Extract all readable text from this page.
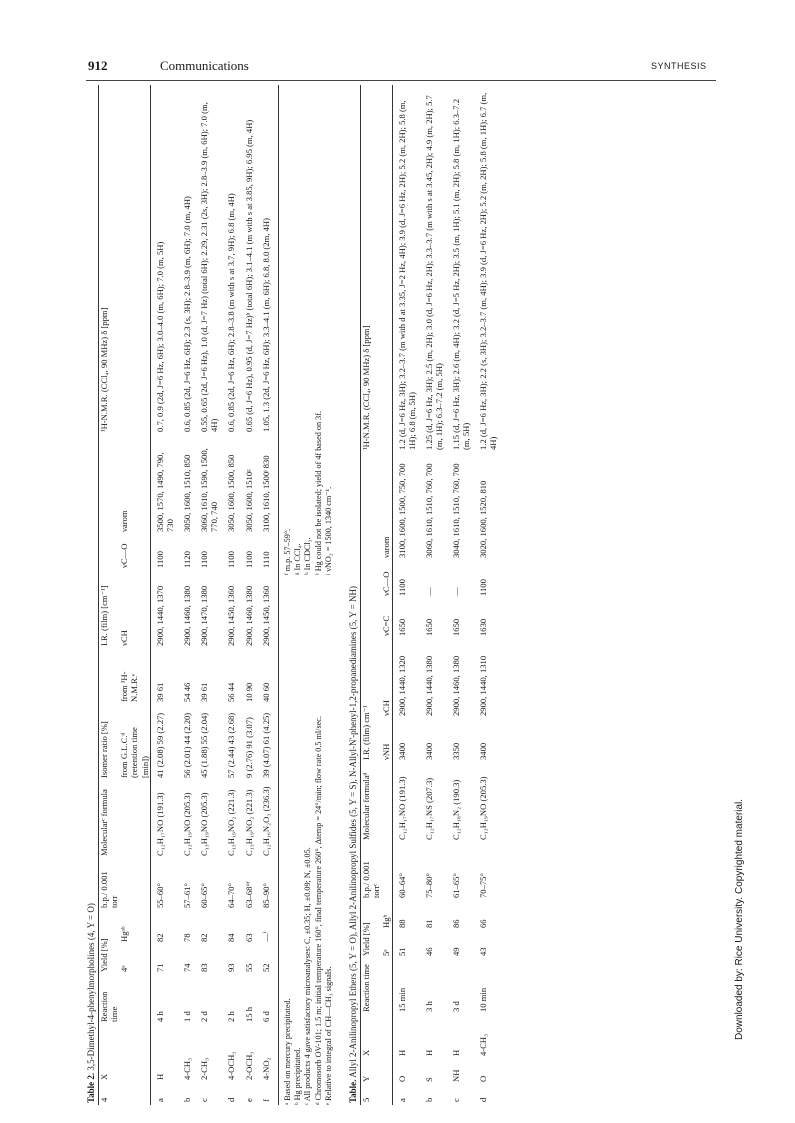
912	Communications	SYNTHESIS
Downloaded by: Rice University. Copyrighted material.
Table 2. 3,5-Dimethyl-4-phenylmorpholines (4, Y = O)
4	X	Reaction time	Yield [%]		b.p./ 0.001 torr	Molecularᶜ formula	Isomer ratio [%]		I.R. (film) [cm⁻¹]			¹H-N.M.R. (CCl₄, 90 MHz) δ [ppm]
			4ᵃ	Hgᵃᵇ			from G.L.C.ᵈ (retention time [min])	from ¹H-N.M.R.ᵉ	νCH	νC—O	νarom	
a	H	4 h	71	82	55–60°	C₁₂H₁₇NO (191.3)	41 (2.08) 59 (2.27)	39 61	2900, 1440, 1370	1100	3500, 1570, 1490, 790, 730	0.7, 0.9 (2d, J=6 Hz, 6H); 3.0–4.0 (m, 6H); 7.0 (m, 5H)
b	4-CH₃	1 d	74	78	57–61°	C₁₃H₁₉NO (205.3)	56 (2.01) 44 (2.20)	54 46	2900, 1460, 1380	1120	3050, 1600, 1510, 850	0.6, 0.85 (2d, J=6 Hz, 6H); 2.3 (s, 3H); 2.8–3.9 (m, 6H); 7.0 (m, 4H)
c	2-CH₃	2 d	83	82	60–65°	C₁₃H₁₉NO (205.3)	45 (1.88) 55 (2.04)	39 61	2900, 1470, 1380	1100	3060, 1610, 1590, 1500, 770, 740	0.55, 0.65 (2d, J=6 Hz), 1.0 (d, J=7 Hz) (total 6H); 2.29, 2.31 (2s, 3H); 2.8–3.9 (m, 6H); 7.0 (m, 4H)
d	4-OCH₃	2 h	93	84	64–70°	C₁₃H₁₉NO₂ (221.3)	57 (2.44) 43 (2.68)	56 44	2900, 1450, 1360	1100	3050, 1600, 1500, 850	0.6, 0.85 (2d, J=6 Hz, 6H); 2.8–3.8 (m with s at 3.7, 9H); 6.8 (m, 4H)
e	2-OCH₃	15 h	55	63	63–68°ᶠ	C₁₃H₁₉NO₂ (221.3)	9 (2.76) 91 (3.07)	10 90	2900, 1460, 1380	1100	3050, 1600, 1510ᵍ	0.65 (d, J=6 Hz), 0.95 (d, J=7 Hz)ʰ (total 6H); 3.1–4.1 (m with s at 3.85, 9H); 6.95 (m, 4H)
f	4-NO₂	6 d	52	—ⁱ	85–90°	C₁₂H₁₆N₂O₃ (236.3)	39 (4.07) 61 (4.25)	40 60	2900, 1450, 1360	1110	3100, 1610, 1500ʲ 830	1.05, 1.3 (2d, J=6 Hz, 6H); 3.3–4.1 (m, 6H); 6.8, 8.0 (2m, 4H)
ᵃ Based on mercury precipitated. ᵇ Hg precipitated. ᶜ All products 4 gave satisfactory microanalyses: C, ±0.35; H, ±0.09; N, ±0.05. ᵈ Chromosorb OV-101; 1.5 m; initial temperature 160°, final temperature 260°, Δtemp = 24°/min; flow rate 0.5 ml/sec. ᵉ Relative to integral of CH—CH₃ signals.
ᶠ m.p. 57–59°. ᵍ In CCl₄. ʰ In CDCl₃. ⁱ Hg could not be isolated; yield of 4f based on 3f. ʲ νNO₂ = 1500, 1340 cm⁻¹.
Table. Allyl 2-Anilinopropyl Ethers (5, Y = O), Allyl 2-Anilinopropyl Sulfides (5, Y = S), N-Allyl-N'-phenyl-1,2-propanediamines (5, Y = NH)
5	Y	X	Reaction time	Yield [%]		b.p./ 0.001 torrᶜ	Molecular formulaᵈ	I.R. (film) cm⁻¹					¹H-N.M.R. (CCl₄, 90 MHz) δ [ppm]
				5ᵃ	Hgᵇ			νNH	νCH	νC=C	νC—O	νarom	
a	O	H	15 min	51	88	60–64°	C₁₂H₁₇NO (191.3)	3400	2900, 1440, 1320	1650	1100	3100, 1600, 1500, 750, 700	1.2 (d, J=6 Hz, 3H); 3.2–3.7 (m with d at 3.35, J=2 Hz, 4H); 3.9 (d, J=6 Hz, 2H); 5.2 (m, 2H); 5.8 (m, 1H); 6.8 (m, 5H)
b	S	H	3 h	46	81	75–80°	C₁₂H₁₇NS (207.3)	3400	2900, 1440, 1380	1650	—	3060, 1610, 1510, 760, 700	1.25 (d, J=6 Hz, 3H); 2.5 (m, 2H); 3.0 (d, J=6 Hz, 2H); 3.3–3.7 (m with s at 3.45, 2H); 4.9 (m, 2H); 5.7 (m, 1H); 6.3–7.2 (m, 5H)
c	NH	H	3 d	49	86	61–65°	C₁₂H₁₈N₂ (190.3)	3350	2900, 1460, 1380	1650	—	3040, 1610, 1510, 760, 700	1.15 (d, J=6 Hz, 3H); 2.6 (m, 4H); 3.2 (d, J=5 Hz, 2H); 3.5 (m, 1H); 5.1 (m, 2H); 5.8 (m, 1H); 6.3–7.2 (m, 5H)
d	O	4-CH₃	10 min	43	66	70–75°	C₁₃H₁₉NO (205.3)	3400	2900, 1440, 1310	1630	1100	3020, 1600, 1520, 810	1.2 (d, J=6 Hz, 3H); 2.2 (s, 3H); 3.2–3.7 (m, 4H); 3.9 (d, J=6 Hz, 2H); 5.2 (m, 2H); 5.8 (m, 1H); 6.7 (m, 4H)
